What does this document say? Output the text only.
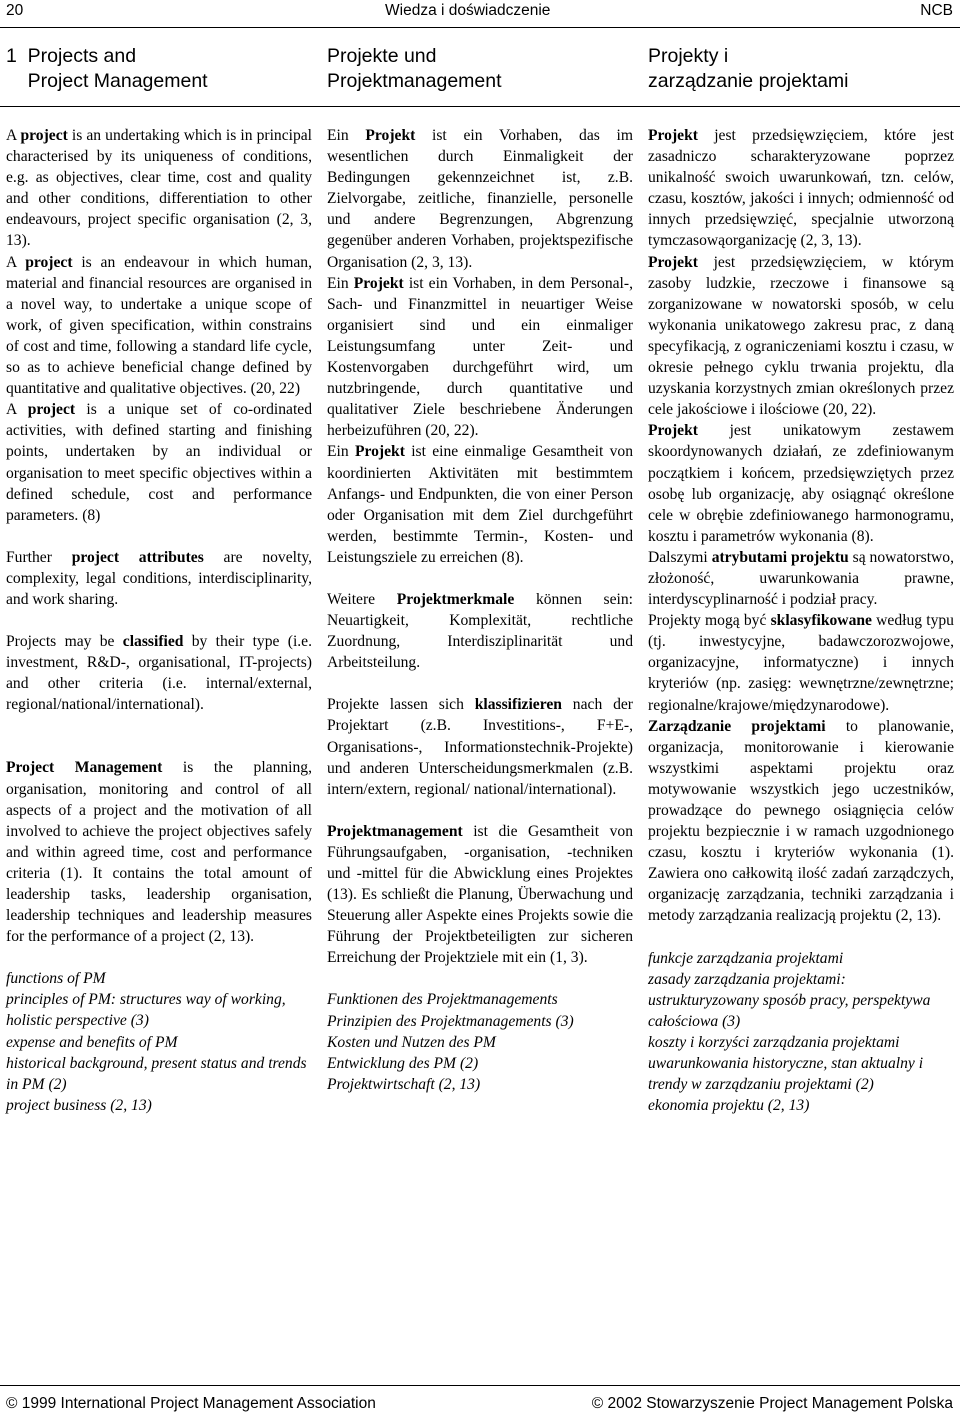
20	Wiedza i doświadczenie	NCB
1  Projects and
Project Management
Projekte und
Projektmanagement
Projekty i
zarządzanie projektami

A project is an undertaking which is in principal characterised by its uniqueness of conditions, e.g. as objectives, clear time, cost and quality and other conditions, differentiation to other endeavours, project specific organisation (2, 3, 13).

A project is an endeavour in which human, material and financial resources are organised in a novel way, to undertake a unique scope of work, of given specification, within constrains of cost and time, following a standard life cycle, so as to achieve beneficial change defined by quantitative and qualitative objectives. (20, 22)

A project is a unique set of co-ordinated activities, with defined starting and finishing points, undertaken by an individual or organisation to meet specific objectives within a defined schedule, cost and performance parameters. (8)

Further project attributes are novelty, complexity, legal conditions, interdisciplinarity, and work sharing.

Projects may be classified by their type (i.e. investment, R&D-, organisational, IT-projects) and other criteria (i.e. internal/external, regional/national/international).

Project Management is the planning, organisation, monitoring and control of all aspects of a project and the motivation of all involved to achieve the project objectives safely and within agreed time, cost and performance criteria (1). It contains the total amount of leadership tasks, leadership organisation, leadership techniques and leadership measures for the performance of a project (2, 13).

functions of PM
principles of PM: structures way of working, holistic perspective (3)
expense and benefits of PM
historical background, present status and trends in PM (2)
project business (2, 13)

Ein Projekt ist ein Vorhaben, das im wesentlichen durch Einmaligkeit der Bedingungen gekennzeichnet ist, z.B. Zielvorgabe, zeitliche, finanzielle, personelle und andere Begrenzungen, Abgrenzung gegenüber anderen Vorhaben, projektspezifische Organisation (2, 3, 13).

Ein Projekt ist ein Vorhaben, in dem Personal-, Sach- und Finanzmittel in neuartiger Weise organisiert sind und ein einmaliger Leistungsumfang unter Zeit- und Kostenvorgaben durchgeführt wird, um nutzbringende, durch quantitative und qualitativer Ziele beschriebene Änderungen herbeizuführen (20, 22).

Ein Projekt ist eine einmalige Gesamtheit von koordinierten Aktivitäten mit bestimmtem Anfangs- und Endpunkten, die von einer Person oder Organisation mit dem Ziel durchgeführt werden, bestimmte Termin-, Kosten- und Leistungsziele zu erreichen (8).

Weitere Projektmerkmale können sein: Neuartigkeit, Komplexität, rechtliche Zuordnung, Interdisziplinarität und Arbeitsteilung.

Projekte lassen sich klassifizieren nach der Projektart (z.B. Investitions-, F+E-, Organisations-, Informationstechnik-Projekte) und anderen Unterscheidungsmerkmalen (z.B. intern/extern, regional/ national/international).

Projektmanagement ist die Gesamtheit von Führungsaufgaben, -organisation, -techniken und -mittel für die Abwicklung eines Projektes (13). Es schließt die Planung, Überwachung und Steuerung aller Aspekte eines Projekts sowie die Führung der Projektbeteiligten zur sicheren Erreichung der Projektziele mit ein (1, 3).

Funktionen des Projektmanagements
Prinzipien des Projektmanagements (3)
Kosten und Nutzen des PM
Entwicklung des PM (2)
Projektwirtschaft (2, 13)

Projekt jest przedsięwzięciem, które jest zasadniczo scharakteryzowane poprzez unikalność swoich uwarunkowań, tzn. celów, czasu, kosztów, jakości i innych; odmienność od innych przedsięwzięć, specjalnie utworzoną tymczasowąorganizację (2, 3, 13).

Projekt jest przedsięwzięciem, w którym zasoby ludzkie, rzeczowe i finansowe są zorganizowane w nowatorski sposób, w celu wykonania unikatowego zakresu prac, z daną specyfikacją, z ograniczeniami kosztu i czasu, w okresie pełnego cyklu trwania projektu, dla uzyskania korzystnych zmian określonych przez cele jakościowe i ilościowe (20, 22).

Projekt jest unikatowym zestawem skoordynowanych działań, ze zdefiniowanym początkiem i końcem, przedsięwziętych przez osobę lub organizację, aby osiągnąć określone cele w obrębie zdefiniowanego harmonogramu, kosztu i parametrów wykonania (8).

Dalszymi atrybutami projektu są nowatorstwo, złożoność, uwarunkowania prawne, interdyscyplinarność i podział pracy.

Projekty mogą być sklasyfikowane według typu (tj. inwestycyjne, badawczorozwojowe, organizacyjne, informatyczne) i innych kryteriów (np. zasięg: wewnętrzne/zewnętrzne; regionalne/krajowe/międzynarodowe).

Zarządzanie projektami to planowanie, organizacja, monitorowanie i kierowanie wszystkimi aspektami projektu oraz motywowanie wszystkich jego uczestników, prowadzące do pewnego osiągnięcia celów projektu bezpiecznie i w ramach uzgodnionego czasu, kosztu i kryteriów wykonania (1). Zawiera ono całkowitą ilość zadań zarządczych, organizację zarządzania, techniki zarządzania i metody zarządzania realizacją projektu (2, 13).

funkcje zarządzania projektami
zasady zarządzania projektami: ustrukturyzowany sposób pracy, perspektywa całościowa (3)
koszty i korzyści zarządzania projektami
uwarunkowania historyczne, stan aktualny i trendy w zarządzaniu projektami (2)
ekonomia projektu (2, 13)

© 1999 International Project Management Association	© 2002 Stowarzyszenie Project Management Polska
